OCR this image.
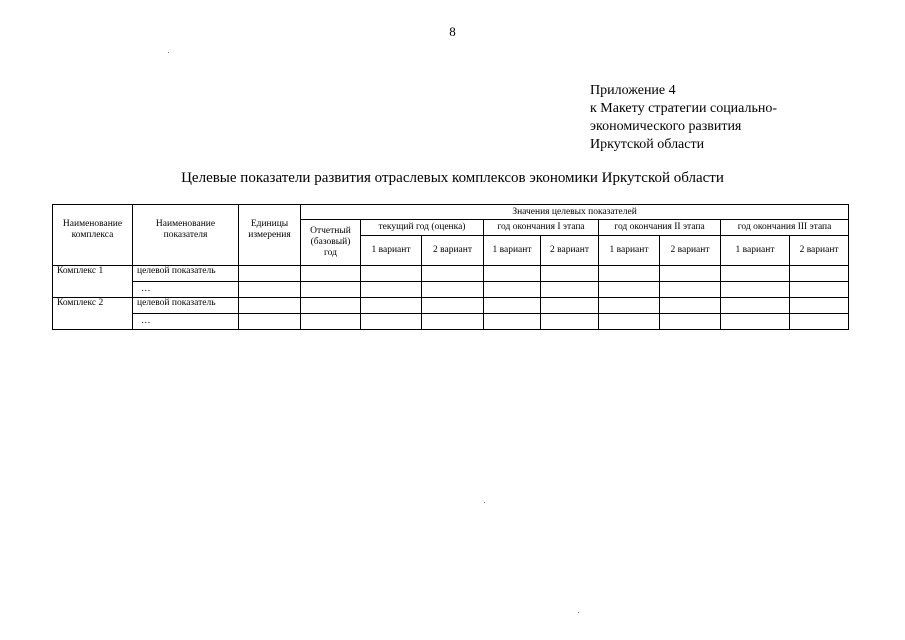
8
Приложение 4
к Макету стратегии социально-
экономического развития
Иркутской области
Целевые показатели развития отраслевых комплексов экономики Иркутской области
Наименование комплекса	Наименование показателя	Единицы измерения	Значения целевых показателей								
			Отчетный (базовый) год	текущий год (оценка)		год окончания I этапа		год окончания II этапа		год окончания III этапа	
				1 вариант	2 вариант	1 вариант	2 вариант	1 вариант	2 вариант	1 вариант	2 вариант
Комплекс 1	целевой показатель										
	…										
Комплекс 2	целевой показатель										
	…										
